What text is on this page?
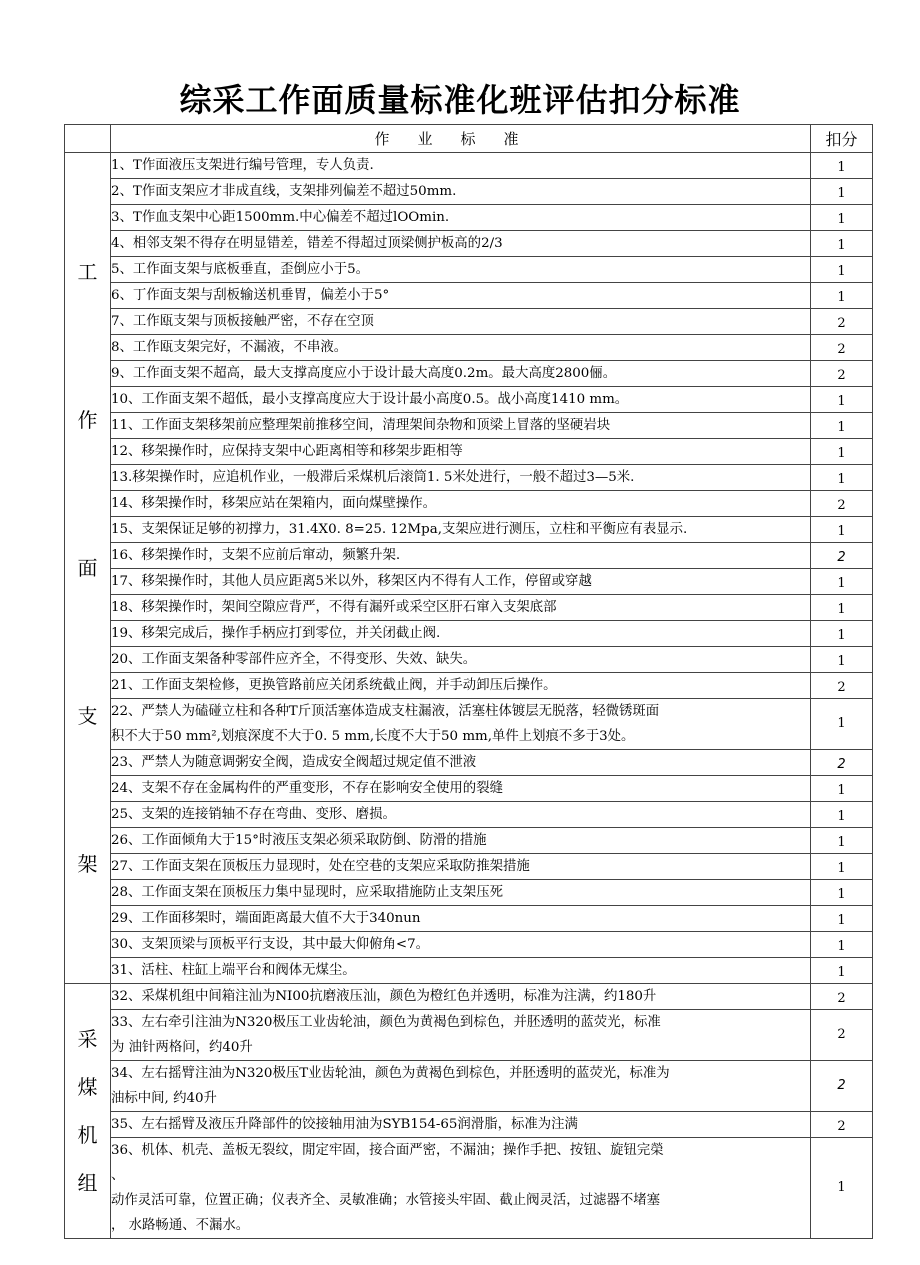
综采工作面质量标准化班评估扣分标准
	作业标准	扣分

工
作
面
支
架	1、T作面液压支架进行编号管理，专人负责.	1
	2、T作面支架应才非成直线，支架排列偏差不超过50mm.	1
	3、T作血支架中心距1500mm.中心偏差不超过lOOmin.	1
	4、相邻支架不得存在明显错差，错差不得超过顶梁侧护板高的2/3	1
	5、工作面支架与底板垂直，歪倒应小于5。	1
	6、丁作面支架与刮板输送机垂胃，偏差小于5°	1
	7、工作瓯支架与顶板接触严密，不存在空顶	2
	8、工作瓯支架完好，不漏液，不串液。	2
	9、工作面支架不超高，最大支撑高度应小于设计最大高度0.2m。最大高度2800俪。	2
	10、工作面支架不超低，最小支撑高度应大于设计最小高度0.5。战小高度1410 mm。	1
	11、工作面支架移架前应整理架前推移空间，清理架间杂物和顶梁上冒落的坚硬岩块	1
	12、移架操作时，应保持支架中心距离相等和移架步距相等	1
	13.移架操作时，应追机作业，一般滞后采煤机后滚筒1. 5米处进行，一般不超过3—5米.	1
	14、移架操作时，移架应站在架箱内，面向煤壁操作。	2
	15、支架保证足够的初撑力，31.4X0. 8=25. 12Mpa,支架应进行测压，立柱和平衡应有表显示.	1
	16、移架操作时，支架不应前后窜动，频繁升架.	2
	17、移架操作时，其他人员应距离5米以外，移架区内不得有人工作，停留或穿越	1
	18、移架操作时，架间空隙应背严，不得有漏歼或采空区肝石窜入支架底部	1
	19、移架完成后，操作手柄应打到零位，并关闭截止阀.	1
	20、工作面支架备种零部件应齐全，不得变形、失效、缺失。	1
	21、工作面支架检修，更换管路前应关闭系统截止阀，并手动卸压后操作。	2

	22、严禁人为磕碰立柱和各种T斤顶活塞体造成支柱漏液，活塞柱体镀层无脱落，轻微锈斑面
积不大于50 mm²,划痕深度不大于0. 5 mm,长度不大于50 mm,单件上划痕不多于3处。	1
	23、严禁人为随意调粥安全阀，造成安全阀超过规定值不泄液	2
	24、支架不存在金属构件的严重变形，不存在影响安全使用的裂缝	1
	25、支架的连接销轴不存在弯曲、变形、磨损。	1
	26、工作面倾角大于15°时液压支架必须采取防倒、防滑的措施	1
	27、工作面支架在顶板压力显现时，处在空巷的支架应采取防推架措施	1
	28、工作面支架在顶板压力集中显现时，应采取措施防止支架压死	1
	29、工作面移架时，端面距离最大值不大于340nun	1
	30、支架顶梁与顶板平行支设，其中最大仰俯角<7。	1
	31、活柱、柱缸上端平台和阀体无煤尘。	1

采
煤
机
组	32、采煤机组中间箱注汕为NI00抗磨液压汕，颜色为橙红色并透明，标准为注满，约180升	2

	33、左右牵引注油为N320极压工业齿轮油，颜色为黄褐色到棕色，并胚透明的蓝荧光，标准
为 油针两格问，约40升	2

	34、左右摇臂注油为N320极压T业齿轮油，颜色为黄褐色到棕色，并胚透明的蓝荧光，标准为
油标中间, 约40升	2
	35、左右摇臂及液压升降部件的饺接轴用油为SYB154-65润滑脂，标准为注满	2

	36、机体、机壳、盖板无裂纹，閒定牢固，接合面严密，不漏油；操作手把、按钮、旋钮完榮
、
动作灵活可靠，位置正确；仪表齐全、灵敏准确；水管接头牢固、截止阀灵活，过滤器不堵塞
， 水路畅通、不漏水。	1
